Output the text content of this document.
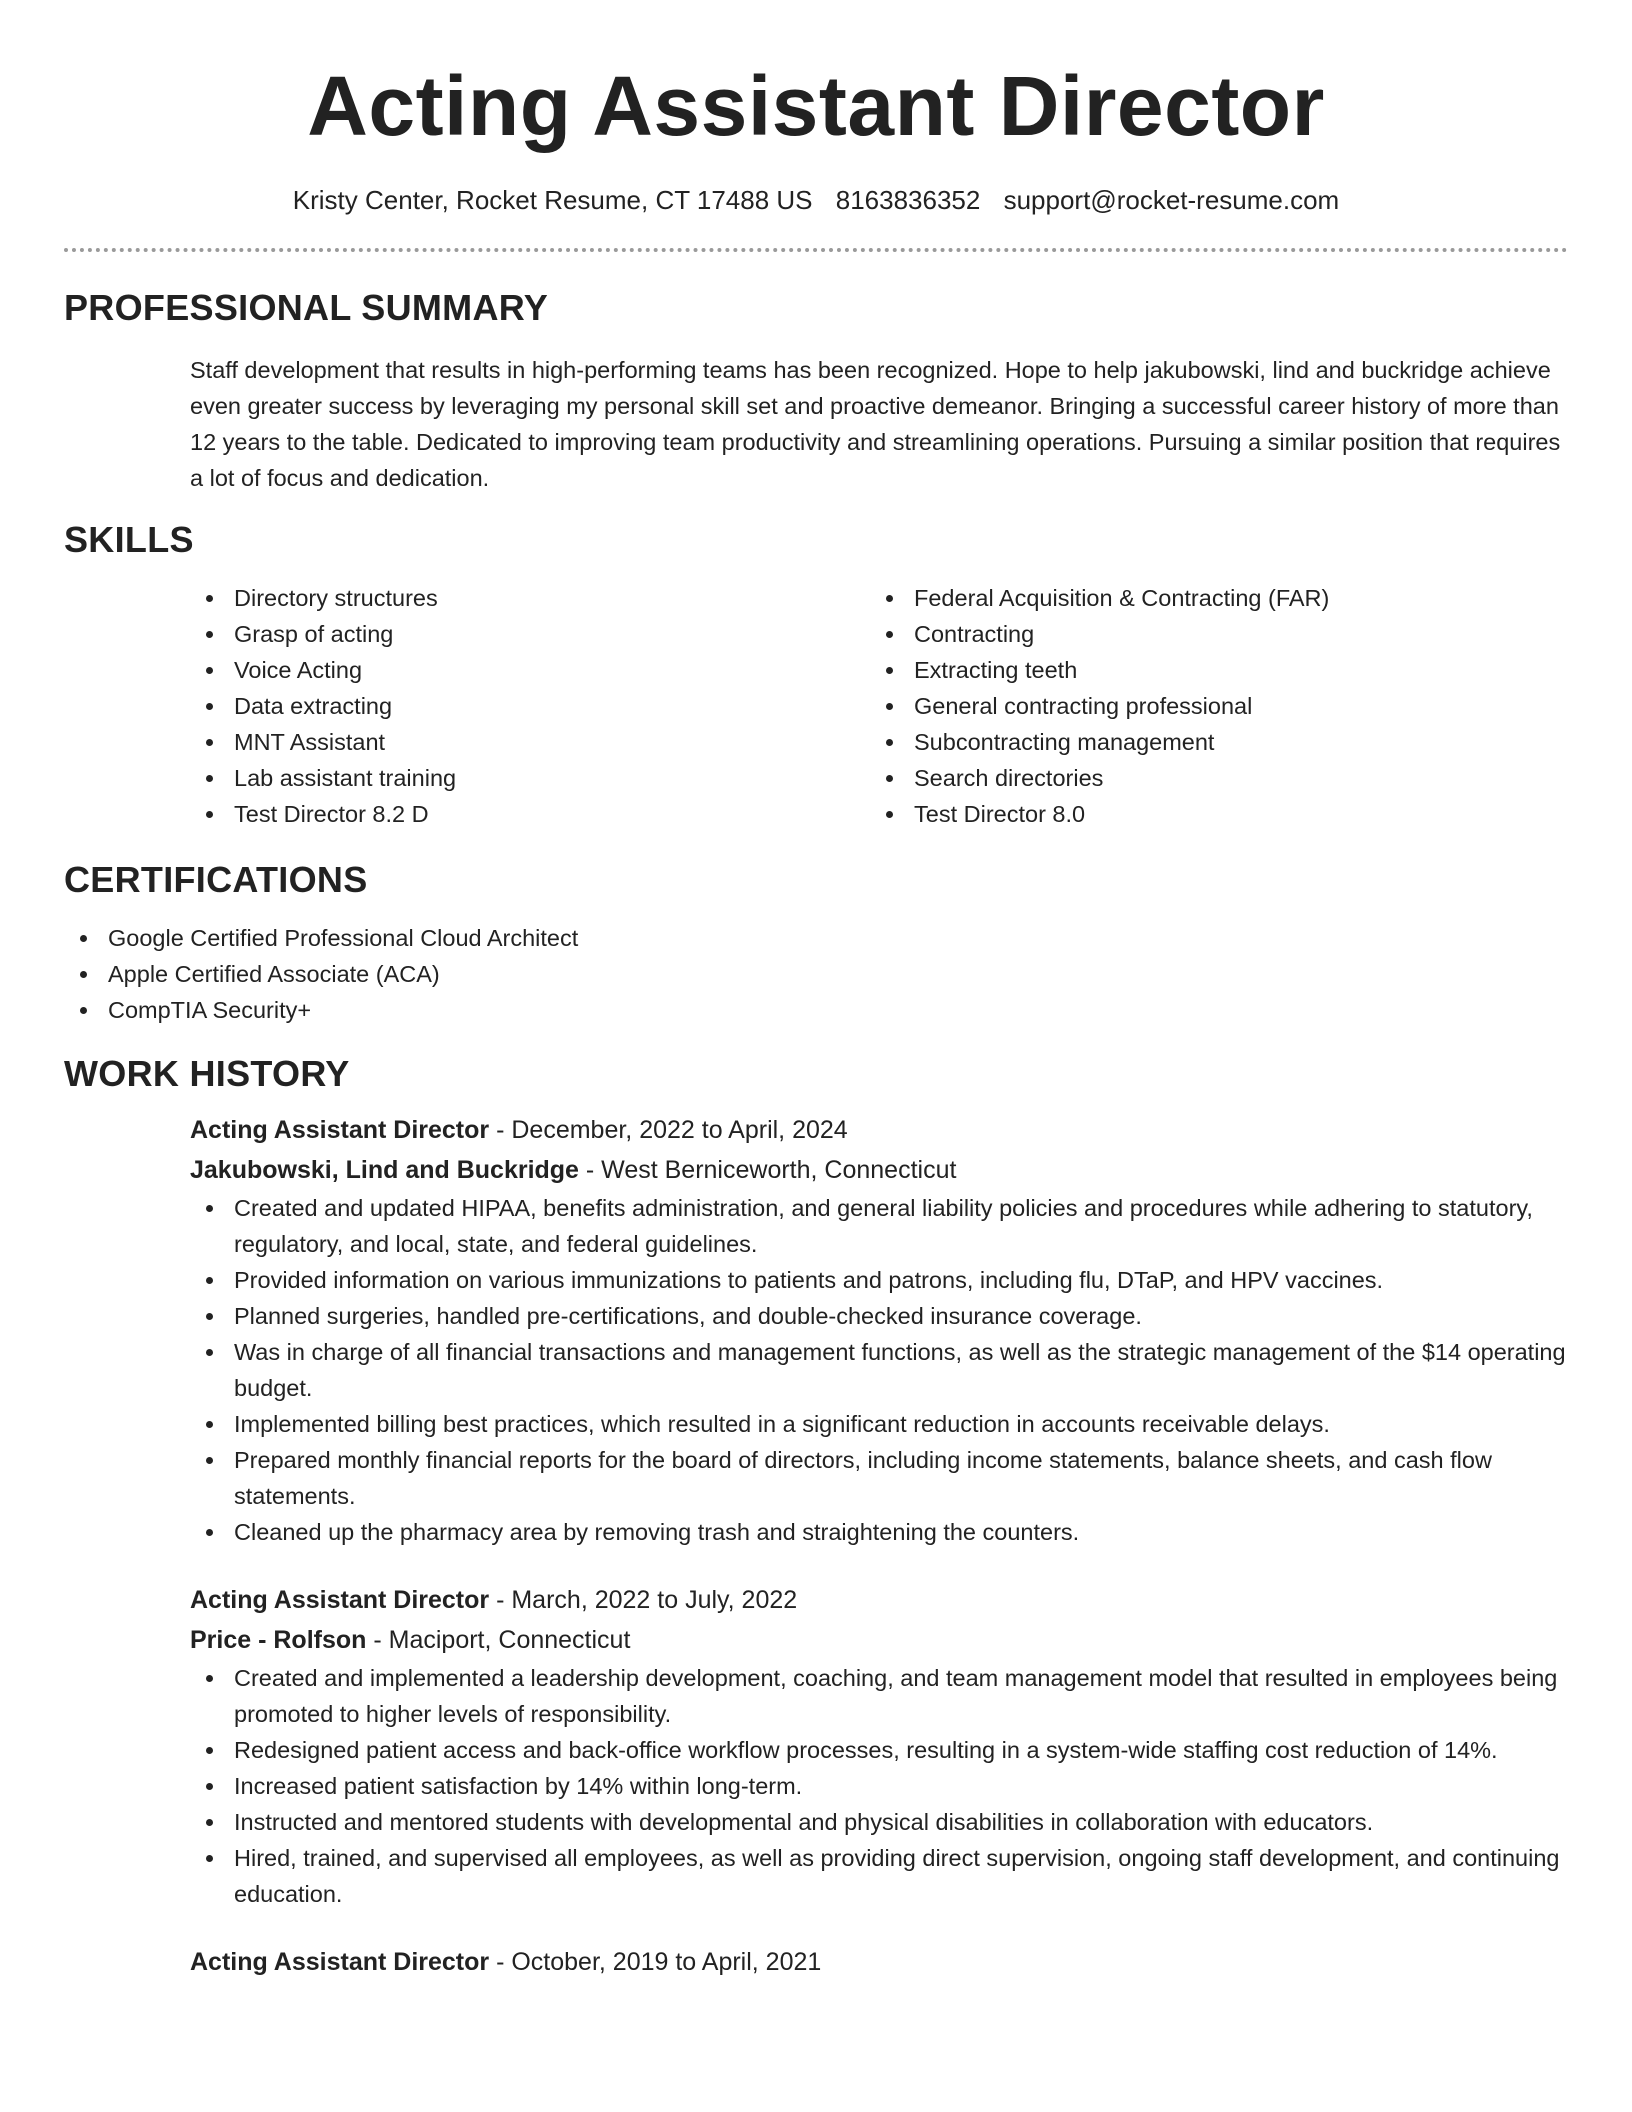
Acting Assistant Director
Kristy Center, Rocket Resume, CT 17488 US 8163836352 support@rocket-resume.com
PROFESSIONAL SUMMARY

Staff development that results in high-performing teams has been recognized. Hope to help jakubowski, lind and buckridge achieve even greater success by leveraging my personal skill set and proactive demeanor. Bringing a successful career history of more than 12 years to the table. Dedicated to improving team productivity and streamlining operations. Pursuing a similar position that requires a lot of focus and dedication.

SKILLS
Directory structures
Grasp of acting
Voice Acting
Data extracting
MNT Assistant
Lab assistant training
Test Director 8.2 D
Federal Acquisition & Contracting (FAR)
Contracting
Extracting teeth
General contracting professional
Subcontracting management
Search directories
Test Director 8.0
CERTIFICATIONS
Google Certified Professional Cloud Architect
Apple Certified Associate (ACA)
CompTIA Security+
WORK HISTORY
Acting Assistant Director - December, 2022 to April, 2024
Jakubowski, Lind and Buckridge - West Berniceworth, Connecticut
Created and updated HIPAA, benefits administration, and general liability policies and procedures while adhering to statutory, regulatory, and local, state, and federal guidelines.
Provided information on various immunizations to patients and patrons, including flu, DTaP, and HPV vaccines.
Planned surgeries, handled pre-certifications, and double-checked insurance coverage.
Was in charge of all financial transactions and management functions, as well as the strategic management of the $14 operating budget.
Implemented billing best practices, which resulted in a significant reduction in accounts receivable delays.
Prepared monthly financial reports for the board of directors, including income statements, balance sheets, and cash flow statements.
Cleaned up the pharmacy area by removing trash and straightening the counters.
Acting Assistant Director - March, 2022 to July, 2022
Price - Rolfson - Maciport, Connecticut
Created and implemented a leadership development, coaching, and team management model that resulted in employees being promoted to higher levels of responsibility.
Redesigned patient access and back-office workflow processes, resulting in a system-wide staffing cost reduction of 14%.
Increased patient satisfaction by 14% within long-term.
Instructed and mentored students with developmental and physical disabilities in collaboration with educators.
Hired, trained, and supervised all employees, as well as providing direct supervision, ongoing staff development, and continuing education.
Acting Assistant Director - October, 2019 to April, 2021
